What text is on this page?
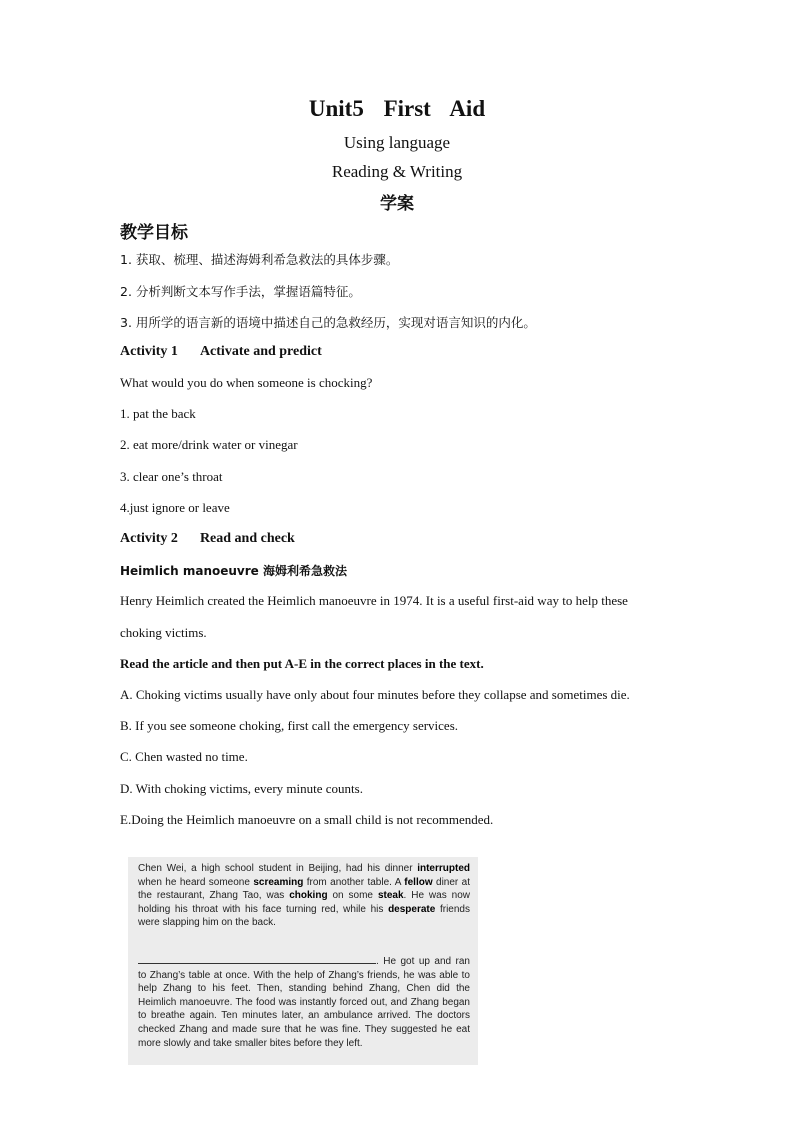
Unit5 First Aid
Using language
Reading & Writing
学案
教学目标
1. 获取、梳理、描述海姆利希急救法的具体步骤。
2. 分析判断文本写作手法，掌握语篇特征。
3. 用所学的语言新的语境中描述自己的急救经历，实现对语言知识的内化。
Activity 1 Activate and predict
What would you do when someone is chocking?
1. pat the back
2. eat more/drink water or vinegar
3. clear one’s throat
4.just ignore or leave
Activity 2 Read and check
Heimlich manoeuvre 海姆利希急救法
Henry Heimlich created the Heimlich manoeuvre in 1974. It is a useful first-aid way to help these
choking victims.
Read the article and then put A-E in the correct places in the text.
A. Choking victims usually have only about four minutes before they collapse and sometimes die.
B. If you see someone choking, first call the emergency services.
C. Chen wasted no time.
D. With choking victims, every minute counts.
E.Doing the Heimlich manoeuvre on a small child is not recommended.
Chen Wei, a high school student in Beijing, had his dinner interrupted when he heard someone screaming from another table. A fellow diner at the restaurant, Zhang Tao, was choking on some steak. He was now holding his throat with his face turning red, while his desperate friends were slapping him on the back.
. He got up and ran to Zhang’s table at once. With the help of Zhang’s friends, he was able to help Zhang to his feet. Then, standing behind Zhang, Chen did the Heimlich manoeuvre. The food was instantly forced out, and Zhang began to breathe again. Ten minutes later, an ambulance arrived. The doctors checked Zhang and made sure that he was fine. They suggested he eat more slowly and take smaller bites before they left.
